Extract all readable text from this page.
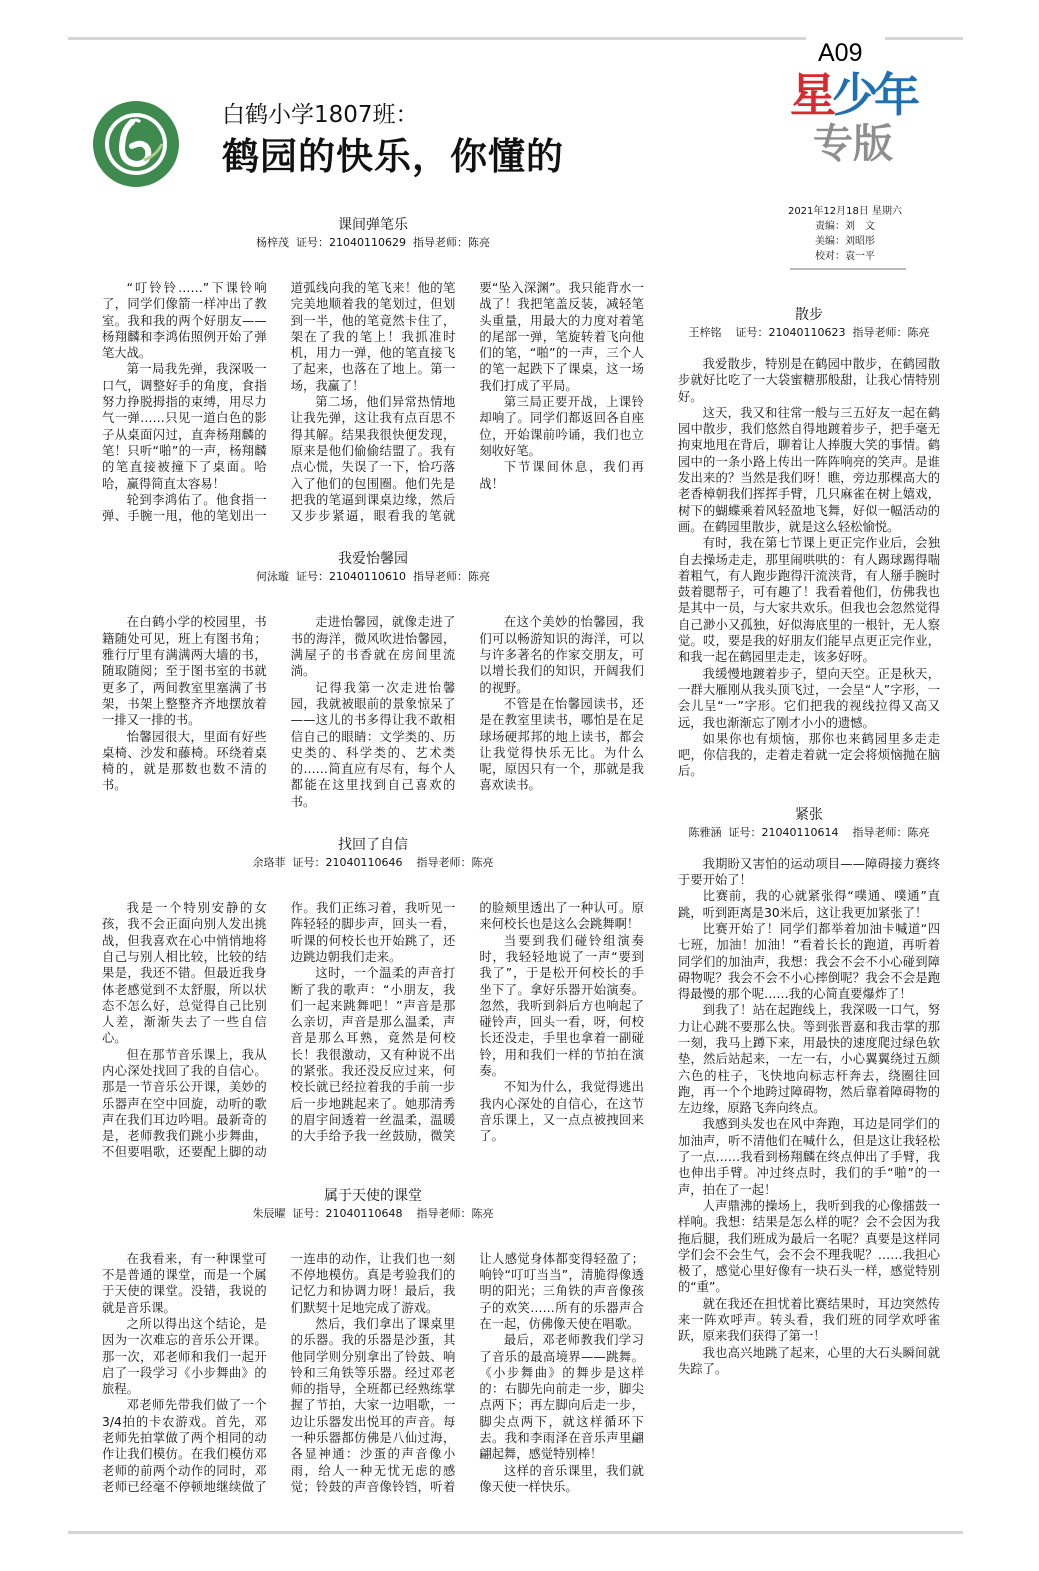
A09
星少年
专版
2021年12月18日 星期六
责编：刘　文
美编：刘昭彤
校对：袁一平
白鹤小学1807班：
鹤园的快乐，你懂的
课间弹笔乐
杨梓茂  证号：21040110629  指导老师：陈亮

“叮铃铃……”下课铃响了，同学们像箭一样冲出了教室。我和我的两个好朋友——杨翔麟和李鸿佑照例开始了弹笔大战。

第一局我先弹，我深吸一口气，调整好手的角度，食指努力挣脱拇指的束缚，用尽力气一弹……只见一道白色的影子从桌面闪过，直奔杨翔麟的笔！只听“啪”的一声，杨翔麟的笔直接被撞下了桌面。哈哈，赢得简直太容易！

轮到李鸿佑了。他食指一弹、手腕一甩，他的笔划出一道弧线向我的笔飞来！他的笔完美地顺着我的笔划过，但划到一半，他的笔竟然卡住了，架在了我的笔上！我抓准时机，用力一弹，他的笔直接飞了起来，也落在了地上。第一场，我赢了！

第二场，他们异常热情地让我先弹，这让我有点百思不得其解。结果我很快便发现，原来是他们偷偷结盟了。我有点心慌，失误了一下，恰巧落入了他们的包围圈。他们先是把我的笔逼到课桌边缘，然后又步步紧逼，眼看我的笔就要“坠入深渊”。我只能背水一战了！我把笔盖反装，减轻笔头重量，用最大的力度对着笔的尾部一弹，笔旋转着飞向他们的笔，“啪”的一声，三个人的笔一起跌下了课桌，这一场我们打成了平局。

第三局正要开战，上课铃却响了。同学们都返回各自座位，开始课前吟诵，我们也立刻收好笔。

下节课间休息，我们再战！

我爱怡馨园
何泳璇  证号：21040110610  指导老师：陈亮

在白鹤小学的校园里，书籍随处可见，班上有图书角；雅行厅里有满满两大墙的书，随取随阅；至于图书室的书就更多了，两间教室里塞满了书架，书架上整整齐齐地摆放着一排又一排的书。

怡馨园很大，里面有好些桌椅、沙发和藤椅。环绕着桌椅的，就是那数也数不清的书。

走进怡馨园，就像走进了书的海洋，微风吹进怡馨园，满屋子的书香就在房间里流淌。

记得我第一次走进怡馨园，我就被眼前的景象惊呆了——这儿的书多得让我不敢相信自己的眼睛：文学类的、历史类的、科学类的、艺术类的……简直应有尽有，每个人都能在这里找到自己喜欢的书。

在这个美妙的怡馨园，我们可以畅游知识的海洋，可以与许多著名的作家交朋友，可以增长我们的知识，开阔我们的视野。

不管是在怡馨园读书，还是在教室里读书，哪怕是在足球场硬邦邦的地上读书，都会让我觉得快乐无比。为什么呢，原因只有一个，那就是我喜欢读书。

找回了自信
余珞菲  证号：21040110646    指导老师：陈亮

我是一个特别安静的女孩，我不会正面向别人发出挑战，但我喜欢在心中悄悄地将自己与别人相比较，比较的结果是，我还不错。但最近我身体老感觉到不太舒服，所以状态不怎么好，总觉得自己比别人差，渐渐失去了一些自信心。

但在那节音乐课上，我从内心深处找回了我的自信心。那是一节音乐公开课，美妙的乐器声在空中回旋，动听的歌声在我们耳边吟唱。最新奇的是，老师教我们跳小步舞曲，不但要唱歌，还要配上脚的动作。我们正练习着，我听见一阵轻轻的脚步声，回头一看，听课的何校长也开始跳了，还边跳边朝我们走来。

这时，一个温柔的声音打断了我的歌声：“小朋友，我们一起来跳舞吧！”声音是那么亲切，声音是那么温柔，声音是那么耳熟，竟然是何校长！我很激动，又有种说不出的紧张。我还没反应过来，何校长就已经拉着我的手前一步后一步地跳起来了。她那清秀的眉宇间透着一丝温柔，温暖的大手给予我一丝鼓励，微笑的脸颊里透出了一种认可。原来何校长也是这么会跳舞啊！

当要到我们碰铃组演奏时，我轻轻地说了一声“要到我了”，于是松开何校长的手坐下了。拿好乐器开始演奏。忽然，我听到斜后方也响起了碰铃声，回头一看，呀，何校长还没走，手里也拿着一副碰铃，用和我们一样的节拍在演奏。

不知为什么，我觉得逃出我内心深处的自信心，在这节音乐课上，又一点点被拽回来了。

属于天使的课堂
朱辰曜  证号：21040110648    指导老师：陈亮

在我看来，有一种课堂可不是普通的课堂，而是一个属于天使的课堂。没错，我说的就是音乐课。

之所以得出这个结论，是因为一次难忘的音乐公开课。那一次，邓老师和我们一起开启了一段学习《小步舞曲》的旅程。

邓老师先带我们做了一个3/4拍的卡农游戏。首先，邓老师先拍掌做了两个相同的动作让我们模仿。在我们模仿邓老师的前两个动作的同时，邓老师已经毫不停顿地继续做了一连串的动作，让我们也一刻不停地模仿。真是考验我们的记忆力和协调力呀！最后，我们默契十足地完成了游戏。

然后，我们拿出了课桌里的乐器。我的乐器是沙蛋，其他同学则分别拿出了铃鼓、响铃和三角铁等乐器。经过邓老师的指导，全班都已经熟练掌握了节拍，大家一边唱歌，一边让乐器发出悦耳的声音。每一种乐器都仿佛是八仙过海，各显神通：沙蛋的声音像小雨，给人一种无忧无虑的感觉；铃鼓的声音像铃铛，听着让人感觉身体都变得轻盈了；响铃“叮叮当当”，清脆得像透明的阳光；三角铁的声音像孩子的欢笑……所有的乐器声合在一起，仿佛像天使在唱歌。

最后，邓老师教我们学习了音乐的最高境界——跳舞。《小步舞曲》的舞步是这样的：右脚先向前走一步，脚尖点两下；再左脚向后走一步，脚尖点两下，就这样循环下去。我和李雨泽在音乐声里翩翩起舞，感觉特别棒！

这样的音乐课里，我们就像天使一样快乐。

散步
王梓铭    证号：21040110623  指导老师：陈亮

我爱散步，特别是在鹤园中散步，在鹤园散步就好比吃了一大袋蜜糖那般甜，让我心情特别好。

这天，我又和往常一般与三五好友一起在鹤园中散步，我们悠然自得地踱着步子，把手毫无拘束地甩在背后，聊着让人捧腹大笑的事情。鹤园中的一条小路上传出一阵阵响亮的笑声。是谁发出来的？当然是我们呀！瞧，旁边那棵高大的老香樟朝我们挥挥手臂，几只麻雀在树上嬉戏，树下的蝴蝶乘着风轻盈地飞舞，好似一幅活动的画。在鹤园里散步，就是这么轻松愉悦。

有时，我在第七节课上更正完作业后，会独自去操场走走，那里闹哄哄的：有人踢球踢得喘着粗气，有人跑步跑得汗流浃背，有人掰手腕时鼓着腮帮子，可有趣了！我看着他们，仿佛我也是其中一员，与大家共欢乐。但我也会忽然觉得自己渺小又孤独，好似海底里的一根针，无人察觉。哎，要是我的好朋友们能早点更正完作业，和我一起在鹤园里走走，该多好呀。

我缓慢地踱着步子，望向天空。正是秋天，一群大雁刚从我头顶飞过，一会呈“人”字形，一会儿呈“一”字形。它们把我的视线拉得又高又远，我也渐渐忘了刚才小小的遗憾。

如果你也有烦恼，那你也来鹤园里多走走吧，你信我的，走着走着就一定会将烦恼抛在脑后。

紧张
陈雅涵  证号：21040110614    指导老师：陈亮

我期盼又害怕的运动项目——障碍接力赛终于要开始了！

比赛前，我的心就紧张得“噗通、噗通”直跳，听到距离是30米后，这让我更加紧张了！

比赛开始了！同学们都举着加油卡喊道“四七班，加油！加油！”看着长长的跑道，再听着同学们的加油声，我想：我会不会不小心碰到障碍物呢？我会不会不小心摔倒呢？我会不会是跑得最慢的那个呢……我的心简直要爆炸了！

到我了！站在起跑线上，我深吸一口气，努力让心跳不要那么快。等到张晋嘉和我击掌的那一刻，我马上蹲下来，用最快的速度爬过绿色软垫，然后站起来，一左一右，小心翼翼绕过五颜六色的柱子，飞快地向标志杆奔去，绕圈往回跑，再一个个地跨过障碍物，然后靠着障碍物的左边缘，原路飞奔向终点。

我感到头发也在风中奔跑，耳边是同学们的加油声，听不清他们在喊什么，但是这让我轻松了一点……我看到杨翔麟在终点伸出了手臂，我也伸出手臂。冲过终点时，我们的手“啪”的一声，拍在了一起！

人声鼎沸的操场上，我听到我的心像擂鼓一样响。我想：结果是怎么样的呢？会不会因为我拖后腿，我们班成为最后一名呢？真要是这样同学们会不会生气，会不会不理我呢？……我担心极了，感觉心里好像有一块石头一样，感觉特别的“重”。

就在我还在担忧着比赛结果时，耳边突然传来一阵欢呼声。转头看，我们班的同学欢呼雀跃，原来我们获得了第一！

我也高兴地跳了起来，心里的大石头瞬间就失踪了。
